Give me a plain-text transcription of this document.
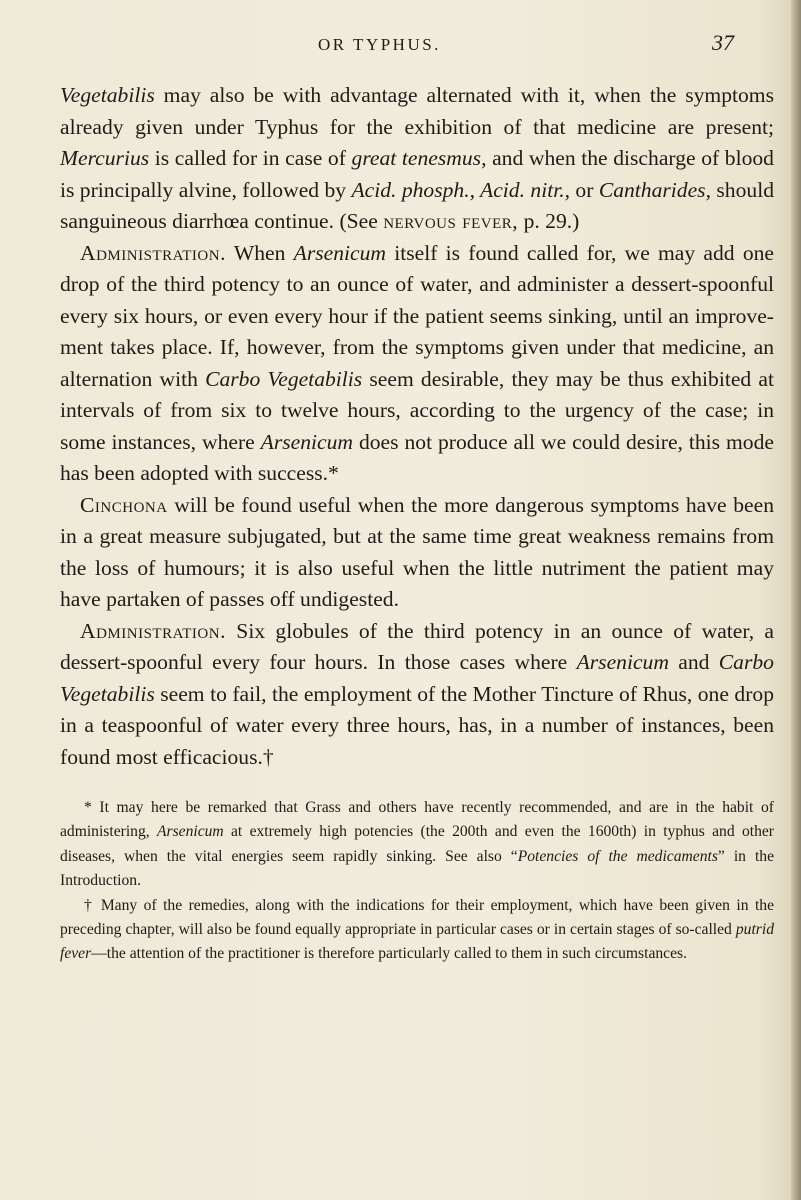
OR TYPHUS.	37

Vegetabilis may also be with advantage alternated with it, when the symptoms already given under Typhus for the exhibition of that medicine are present; Mercurius is called for in case of great tenesmus, and when the discharge of blood is principally alvine, followed by Acid. phosph., Acid. nitr., or Cantharides, should sanguineous diarrhœa continue. (See nervous fever, p. 29.)

Administration. When Arsenicum itself is found called for, we may add one drop of the third potency to an ounce of water, and administer a dessert-spoonful every six hours, or even every hour if the patient seems sinking, until an improvement takes place. If, however, from the symptoms given under that medicine, an alternation with Carbo Vegetabilis seem desirable, they may be thus exhibited at intervals of from six to twelve hours, according to the urgency of the case; in some instances, where Arsenicum does not produce all we could desire, this mode has been adopted with success.*

Cinchona will be found useful when the more dangerous symptoms have been in a great measure subjugated, but at the same time great weakness remains from the loss of humours; it is also useful when the little nutriment the patient may have partaken of passes off undigested.

Administration. Six globules of the third potency in an ounce of water, a dessert-spoonful every four hours. In those cases where Arsenicum and Carbo Vegetabilis seem to fail, the employment of the Mother Tincture of Rhus, one drop in a teaspoonful of water every three hours, has, in a number of instances, been found most efficacious.†

* It may here be remarked that Grass and others have recently recommended, and are in the habit of administering, Arsenicum at extremely high potencies (the 200th and even the 1600th) in typhus and other diseases, when the vital energies seem rapidly sinking. See also “Potencies of the medicaments” in the Introduction.

† Many of the remedies, along with the indications for their employment, which have been given in the preceding chapter, will also be found equally appropriate in particular cases or in certain stages of so-called putrid fever—the attention of the practitioner is therefore particularly called to them in such circumstances.
